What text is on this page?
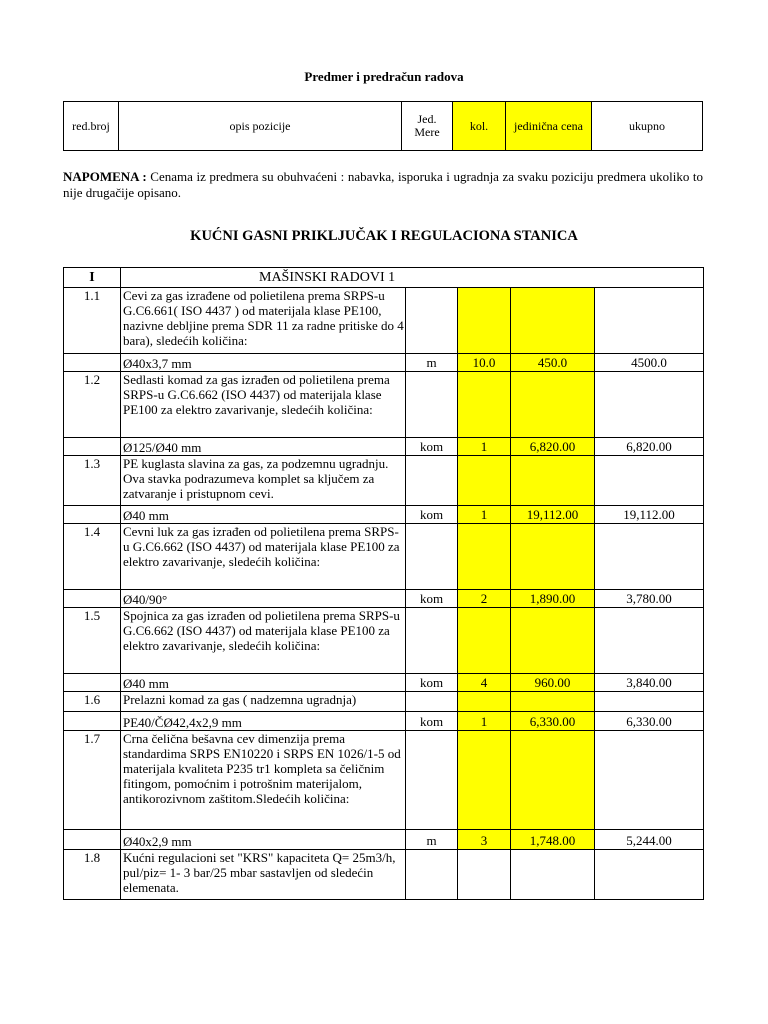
Predmer i predračun radova
red.broj	opis pozicije	Jed.
Mere	kol.	jedinična cena	ukupno
NAPOMENA : Cenama iz predmera su obuhvaćeni : nabavka, isporuka i ugradnja za svaku poziciju predmera ukoliko to nije drugačije opisano.
KUĆNI GASNI PRIKLJUČAK I REGULACIONA STANICA
I	MAŠINSKI RADOVI 1				
1.1	Cevi za gas izrađene od polietilena prema SRPS-u G.C6.661( ISO 4437 ) od materijala klase PE100, nazivne debljine prema SDR 11 za radne pritiske do 4 bara), sledećih količina:				
	Ø40x3,7 mm	m	10.0	450.0	4500.0
1.2	Sedlasti komad za gas izrađen od polietilena prema SRPS-u G.C6.662 (ISO 4437) od materijala klase PE100 za elektro zavarivanje, sledećih količina:				
	Ø125/Ø40 mm	kom	1	6,820.00	6,820.00
1.3	PE kuglasta slavina za gas, za podzemnu ugradnju. Ova stavka podrazumeva komplet sa ključem za zatvaranje i pristupnom cevi.				
	Ø40 mm	kom	1	19,112.00	19,112.00
1.4	Cevni luk za gas izrađen od polietilena prema SRPS-u G.C6.662 (ISO 4437) od materijala klase PE100 za elektro zavarivanje, sledećih količina:				
	Ø40/90°	kom	2	1,890.00	3,780.00
1.5	Spojnica za gas izrađen od polietilena prema SRPS-u G.C6.662 (ISO 4437) od materijala klase PE100 za elektro zavarivanje, sledećih količina:				
	Ø40 mm	kom	4	960.00	3,840.00
1.6	Prelazni komad za gas ( nadzemna ugradnja)				
	PE40/ČØ42,4x2,9 mm	kom	1	6,330.00	6,330.00
1.7	Crna čelična bešavna cev dimenzija prema standardima SRPS EN10220 i SRPS EN 1026/1-5 od materijala kvaliteta P235 tr1 kompleta sa čeličnim fitingom, pomoćnim i potrošnim materijalom, antikorozivnom zaštitom.Sledećih količina:				
	Ø40x2,9 mm	m	3	1,748.00	5,244.00
1.8	Kućni regulacioni set "KRS" kapaciteta Q= 25m3/h, pul/piz= 1- 3 bar/25 mbar sastavljen od sledećin elemenata.				
